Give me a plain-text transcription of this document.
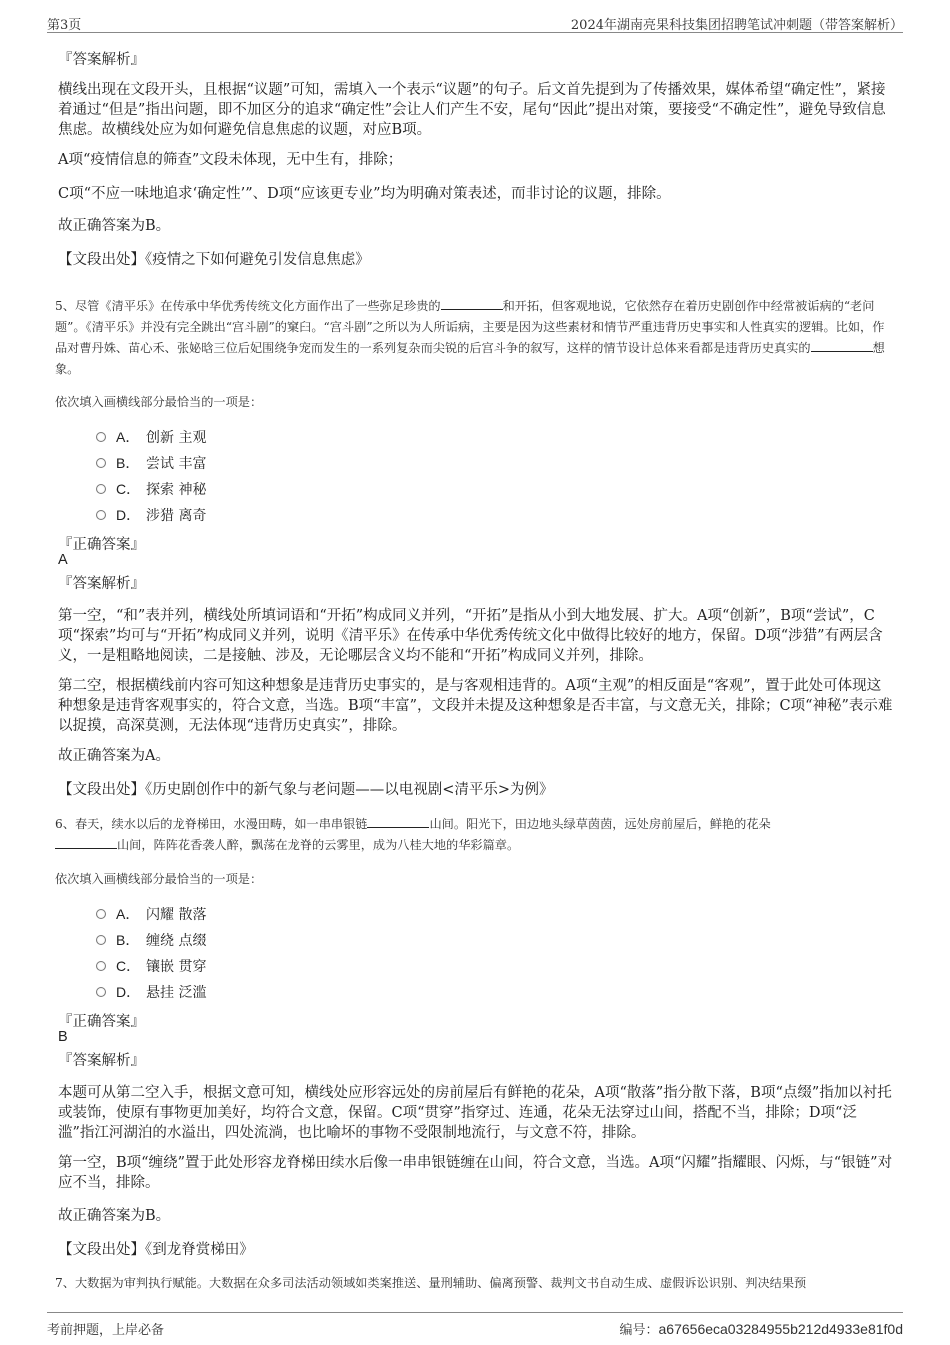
第3页	2024年湖南亮果科技集团招聘笔试冲刺题（带答案解析）
『答案解析』
横线出现在文段开头，且根据“议题”可知，需填入一个表示“议题”的句子。后文首先提到为了传播效果，媒体希望“确定性”，紧接着通过“但是”指出问题，即不加区分的追求“确定性”会让人们产生不安，尾句“因此”提出对策，要接受“不确定性”，避免导致信息焦虑。故横线处应为如何避免信息焦虑的议题，对应B项。
A项“疫情信息的筛查”文段未体现，无中生有，排除；
C项“不应一味地追求‘确定性’”、D项“应该更专业”均为明确对策表述，而非讨论的议题，排除。
故正确答案为B。
【文段出处】《疫情之下如何避免引发信息焦虑》
5、尽管《清平乐》在传承中华优秀传统文化方面作出了一些弥足珍贵的	和开拓，但客观地说，它依然存在着历史剧创作中经常被诟病的“老问题”。《清平乐》并没有完全跳出“宫斗剧”的窠臼。“宫斗剧”之所以为人所诟病，主要是因为这些素材和情节严重违背历史事实和人性真实的逻辑。比如，作品对曹丹姝、苗心禾、张妼晗三位后妃围绕争宠而发生的一系列复杂而尖锐的后宫斗争的叙写，这样的情节设计总体来看都是违背历史真实的	想象。
依次填入画横线部分最恰当的一项是：
A． 创新 主观
B． 尝试 丰富
C． 探索 神秘
D． 涉猎 离奇
『正确答案』
A
『答案解析』
第一空，“和”表并列，横线处所填词语和“开拓”构成同义并列，“开拓”是指从小到大地发展、扩大。A项“创新”，B项“尝试”，C项“探索”均可与“开拓”构成同义并列，说明《清平乐》在传承中华优秀传统文化中做得比较好的地方，保留。D项“涉猎”有两层含义，一是粗略地阅读，二是接触、涉及，无论哪层含义均不能和“开拓”构成同义并列，排除。
第二空，根据横线前内容可知这种想象是违背历史事实的，是与客观相违背的。A项“主观”的相反面是“客观”，置于此处可体现这种想象是违背客观事实的，符合文意，当选。B项“丰富”，文段并未提及这种想象是否丰富，与文意无关，排除；C项“神秘”表示难以捉摸，高深莫测，无法体现“违背历史真实”，排除。
故正确答案为A。
【文段出处】《历史剧创作中的新气象与老问题——以电视剧<清平乐>为例》
6、春天，续水以后的龙脊梯田，水漫田畴，如一串串银链	山间。阳光下，田边地头绿草茵茵，远处房前屋后，鲜艳的花朵
山间，阵阵花香袭人醉，飘荡在龙脊的云雾里，成为八桂大地的华彩篇章。
依次填入画横线部分最恰当的一项是：
A． 闪耀 散落
B． 缠绕 点缀
C． 镶嵌 贯穿
D． 悬挂 泛滥
『正确答案』
B
『答案解析』
本题可从第二空入手，根据文意可知，横线处应形容远处的房前屋后有鲜艳的花朵，A项“散落”指分散下落，B项“点缀”指加以衬托或装饰，使原有事物更加美好，均符合文意，保留。C项“贯穿”指穿过、连通，花朵无法穿过山间，搭配不当，排除；D项“泛滥”指江河湖泊的水溢出，四处流淌，也比喻坏的事物不受限制地流行，与文意不符，排除。
第一空，B项“缠绕”置于此处形容龙脊梯田续水后像一串串银链缠在山间，符合文意，当选。A项“闪耀”指耀眼、闪烁，与“银链”对应不当，排除。
故正确答案为B。
【文段出处】《到龙脊赏梯田》
7、大数据为审判执行赋能。大数据在众多司法活动领域如类案推送、量刑辅助、偏离预警、裁判文书自动生成、虚假诉讼识别、判决结果预
考前押题，上岸必备	编号：a67656eca03284955b212d4933e81f0d
